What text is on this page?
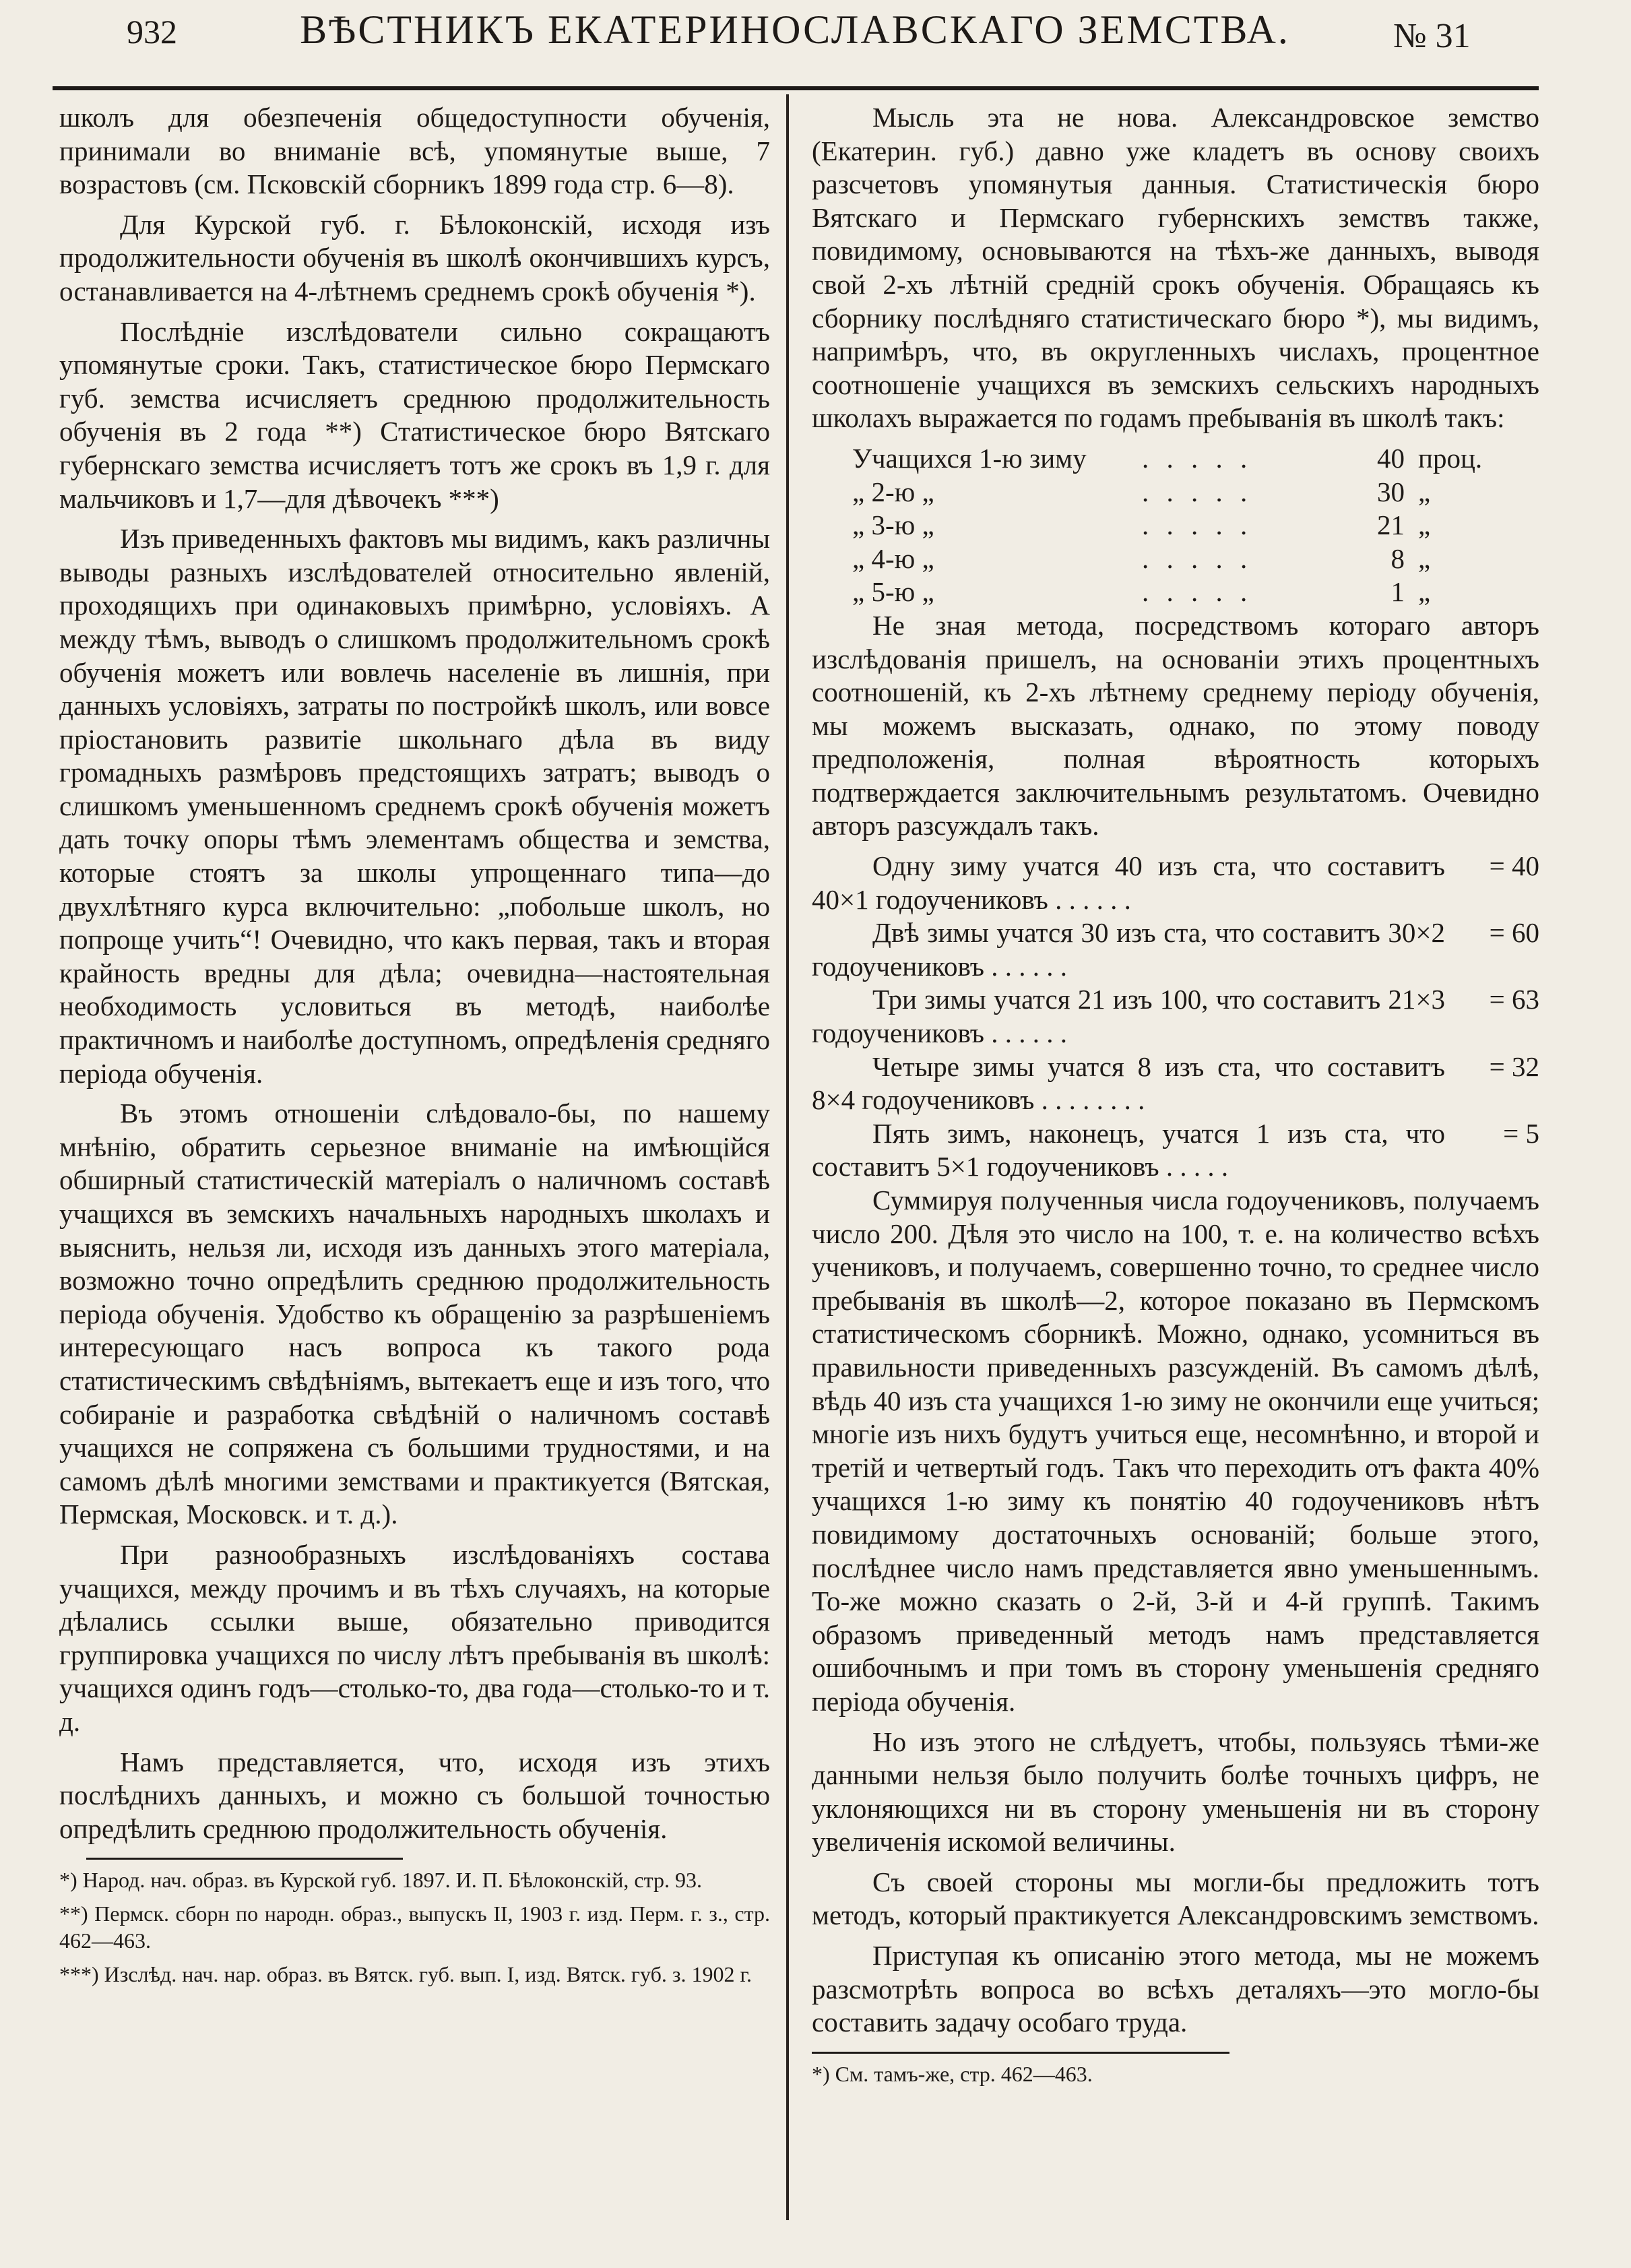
932	ВѢСТНИКЪ ЕКАТЕРИНОСЛАВСКАГО ЗЕМСТВА.	№ 31

школъ для обезпеченія общедоступности обученія, принимали во вниманіе всѣ, упомянутые выше, 7 возрастовъ (см. Псковскій сборникъ 1899 года стр. 6—8).

Для Курской губ. г. Бѣлоконскій, исходя изъ продолжительности обученія въ школѣ окончившихъ курсъ, останавливается на 4-лѣтнемъ среднемъ срокѣ обученія *).

Послѣдніе изслѣдователи сильно сокращаютъ упомянутые сроки. Такъ, статистическое бюро Пермскаго губ. земства исчисляетъ среднюю продолжительность обученія въ 2 года **) Статистическое бюро Вятскаго губернскаго земства исчисляетъ тотъ же срокъ въ 1,9 г. для мальчиковъ и 1,7—для дѣвочекъ ***)

Изъ приведенныхъ фактовъ мы видимъ, какъ различны выводы разныхъ изслѣдователей относительно явленій, проходящихъ при одинаковыхъ примѣрно, условіяхъ. А между тѣмъ, выводъ о слишкомъ продолжительномъ срокѣ обученія можетъ или вовлечь населеніе въ лишнія, при данныхъ условіяхъ, затраты по постройкѣ школъ, или вовсе пріостановить развитіе школьнаго дѣла въ виду громадныхъ размѣровъ предстоящихъ затратъ; выводъ о слишкомъ уменьшенномъ среднемъ срокѣ обученія можетъ дать точку опоры тѣмъ элементамъ общества и земства, которые стоятъ за школы упрощеннаго типа—до двухлѣтняго курса включительно: „побольше школъ, но попроще учить“! Очевидно, что какъ первая, такъ и вторая крайность вредны для дѣла; очевидна—настоятельная необходимость условиться въ методѣ, наиболѣе практичномъ и наиболѣе доступномъ, опредѣленія средняго періода обученія.

Въ этомъ отношеніи слѣдовало-бы, по нашему мнѣнію, обратить серьезное вниманіе на имѣющійся обширный статистическій матеріалъ о наличномъ составѣ учащихся въ земскихъ начальныхъ народныхъ школахъ и выяснить, нельзя ли, исходя изъ данныхъ этого матеріала, возможно точно опредѣлить среднюю продолжительность періода обученія. Удобство къ обращенію за разрѣшеніемъ интересующаго насъ вопроса къ такого рода статистическимъ свѣдѣніямъ, вытекаетъ еще и изъ того, что собираніе и разработка свѣдѣній о наличномъ составѣ учащихся не сопряжена съ большими трудностями, и на самомъ дѣлѣ многими земствами и практикуется (Вятская, Пермская, Московск. и т. д.).

При разнообразныхъ изслѣдованіяхъ состава учащихся, между прочимъ и въ тѣхъ случаяхъ, на которые дѣлались ссылки выше, обязательно приводится группировка учащихся по числу лѣтъ пребыванія въ школѣ: учащихся одинъ годъ—столько-то, два года—столько-то и т. д.

Намъ представляется, что, исходя изъ этихъ послѣднихъ данныхъ, и можно съ большой точностью опредѣлить среднюю продолжительность обученія.

*) Народ. нач. образ. въ Курской губ. 1897. И. П. Бѣлоконскій, стр. 93.

**) Пермск. сборн по народн. образ., выпускъ II, 1903 г. изд. Перм. г. з., стр. 462—463.

***) Изслѣд. нач. нар. образ. въ Вятск. губ. вып. I, изд. Вятск. губ. з. 1902 г.

Мысль эта не нова. Александровское земство (Екатерин. губ.) давно уже кладетъ въ основу своихъ разсчетовъ упомянутыя данныя. Статистическія бюро Вятскаго и Пермскаго губернскихъ земствъ также, повидимому, основываются на тѣхъ-же данныхъ, выводя свой 2-хъ лѣтній средній срокъ обученія. Обращаясь къ сборнику послѣдняго статистическаго бюро *), мы видимъ, напримѣръ, что, въ округленныхъ числахъ, процентное соотношеніе учащихся въ земскихъ сельскихъ народныхъ школахъ выражается по годамъ пребыванія въ школѣ такъ:

Учащихся 1-ю зиму	. . . . .	40 проц.
„ 2-ю „	. . . . .	30 „
„ 3-ю „	. . . . .	21 „
„ 4-ю „	. . . . .	8 „
„ 5-ю „	. . . . .	1 „

Не зная метода, посредствомъ котораго авторъ изслѣдованія пришелъ, на основаніи этихъ процентныхъ соотношеній, къ 2-хъ лѣтнему среднему періоду обученія, мы можемъ высказать, однако, по этому поводу предположенія, полная вѣроятность которыхъ подтверждается заключительнымъ результатомъ. Очевидно авторъ разсуждалъ такъ.

Одну зиму учатся 40 изъ ста, что составитъ 40×1 годоучениковъ . . . . . .
= 40
Двѣ зимы учатся 30 изъ ста, что составитъ 30×2 годоучениковъ . . . . . .
= 60
Три зимы учатся 21 изъ 100, что составитъ 21×3 годоучениковъ . . . . . .
= 63
Четыре зимы учатся 8 изъ ста, что составитъ 8×4 годоучениковъ . . . . . . . .
= 32
Пять зимъ, наконецъ, учатся 1 изъ ста, что составитъ 5×1 годоучениковъ . . . . .
= 5

Суммируя полученныя числа годоучениковъ, получаемъ число 200. Дѣля это число на 100, т. е. на количество всѣхъ учениковъ, и получаемъ, совершенно точно, то среднее число пребыванія въ школѣ—2, которое показано въ Пермскомъ статистическомъ сборникѣ. Можно, однако, усомниться въ правильности приведенныхъ разсужденій. Въ самомъ дѣлѣ, вѣдь 40 изъ ста учащихся 1-ю зиму не окончили еще учиться; многіе изъ нихъ будутъ учиться еще, несомнѣнно, и второй и третій и четвертый годъ. Такъ что переходить отъ факта 40% учащихся 1-ю зиму къ понятію 40 годоучениковъ нѣтъ повидимому достаточныхъ основаній; больше этого, послѣднее число намъ представляется явно уменьшеннымъ. То-же можно сказать о 2-й, 3-й и 4-й группѣ. Такимъ образомъ приведенный методъ намъ представляется ошибочнымъ и при томъ въ сторону уменьшенія средняго періода обученія.

Но изъ этого не слѣдуетъ, чтобы, пользуясь тѣми-же данными нельзя было получить болѣе точныхъ цифръ, не уклоняющихся ни въ сторону уменьшенія ни въ сторону увеличенія искомой величины.

Съ своей стороны мы могли-бы предложить тотъ методъ, который практикуется Александровскимъ земствомъ.

Приступая къ описанію этого метода, мы не можемъ разсмотрѣть вопроса во всѣхъ деталяхъ—это могло-бы составить задачу особаго труда.

*) См. тамъ-же, стр. 462—463.
